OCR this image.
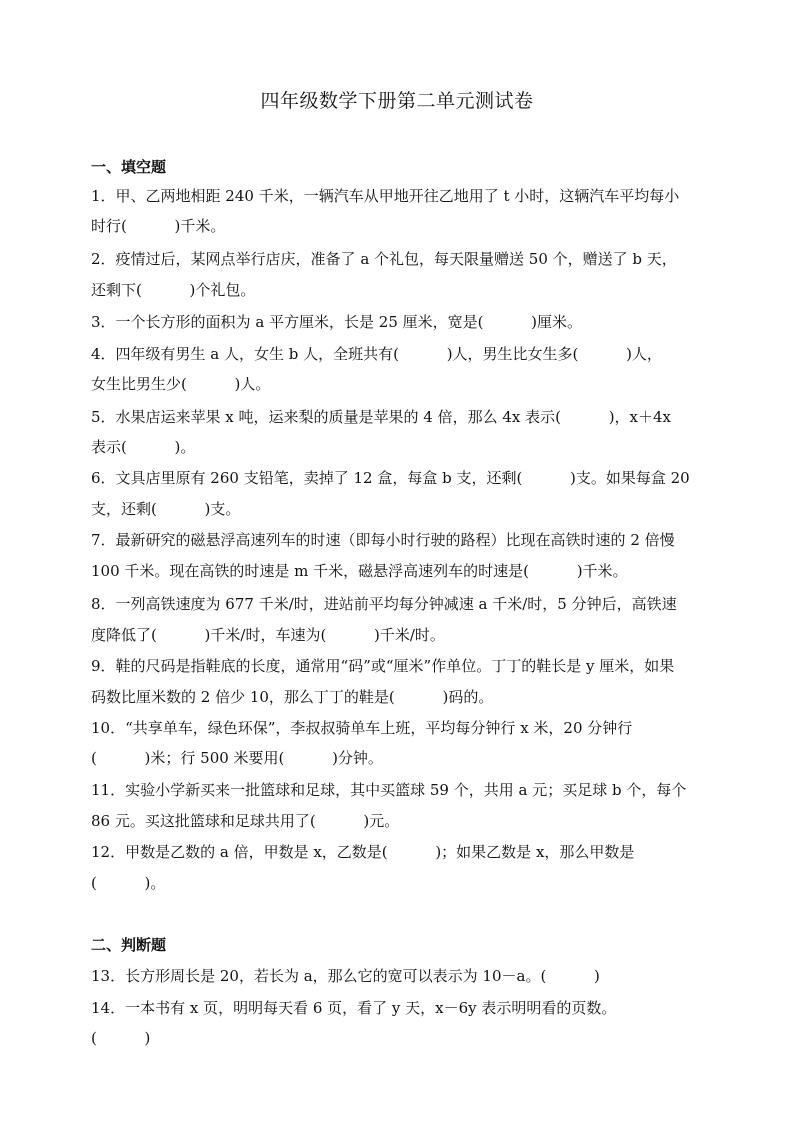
四年级数学下册第二单元测试卷
一、填空题
1．甲、乙两地相距 240 千米，一辆汽车从甲地开往乙地用了 t 小时，这辆汽车平均每小
时行(          )千米。
2．疫情过后，某网点举行店庆，准备了 a 个礼包，每天限量赠送 50 个，赠送了 b 天，
还剩下(          )个礼包。
3．一个长方形的面积为 a 平方厘米，长是 25 厘米，宽是(          )厘米。
4．四年级有男生 a 人，女生 b 人，全班共有(          )人，男生比女生多(          )人，
女生比男生少(          )人。
5．水果店运来苹果 x 吨，运来梨的质量是苹果的 4 倍，那么 4x 表示(          )，x＋4x
表示(          )。
6．文具店里原有 260 支铅笔，卖掉了 12 盒，每盒 b 支，还剩(          )支。如果每盒 20
支，还剩(          )支。
7．最新研究的磁悬浮高速列车的时速（即每小时行驶的路程）比现在高铁时速的 2 倍慢
100 千米。现在高铁的时速是 m 千米，磁悬浮高速列车的时速是(          )千米。
8．一列高铁速度为 677 千米/时，进站前平均每分钟减速 a 千米/时，5 分钟后，高铁速
度降低了(          )千米/时，车速为(          )千米/时。
9．鞋的尺码是指鞋底的长度，通常用“码”或“厘米”作单位。丁丁的鞋长是 y 厘米，如果
码数比厘米数的 2 倍少 10，那么丁丁的鞋是(          )码的。
10．“共享单车，绿色环保”，李叔叔骑单车上班，平均每分钟行 x 米，20 分钟行
(          )米；行 500 米要用(          )分钟。
11．实验小学新买来一批篮球和足球，其中买篮球 59 个，共用 a 元；买足球 b 个，每个
86 元。买这批篮球和足球共用了(          )元。
12．甲数是乙数的 a 倍，甲数是 x，乙数是(          )；如果乙数是 x，那么甲数是
(          )。
二、判断题
13．长方形周长是 20，若长为 a，那么它的宽可以表示为 10－a。(          )
14．一本书有 x 页，明明每天看 6 页，看了 y 天，x－6y 表示明明看的页数。
(          )
